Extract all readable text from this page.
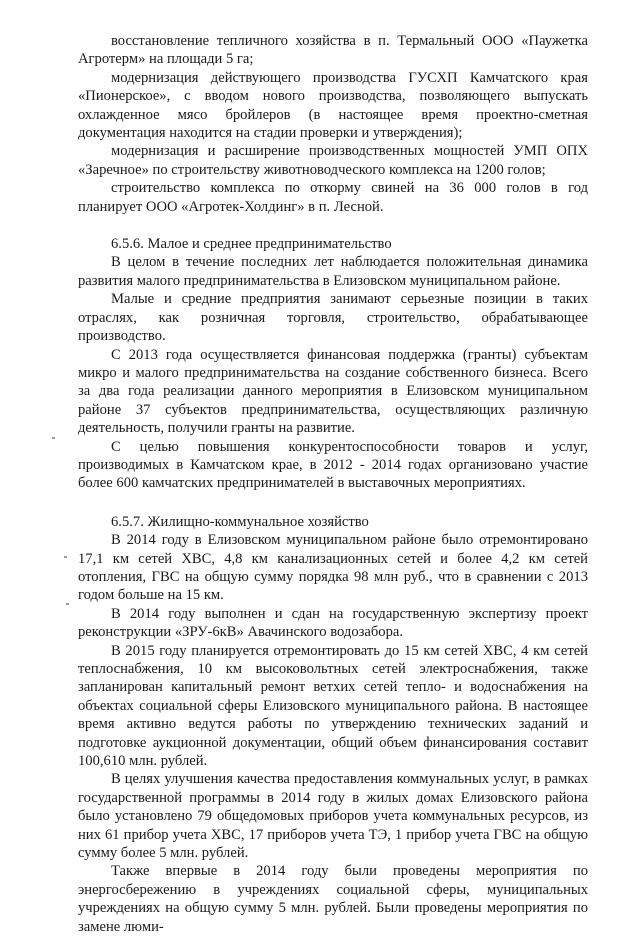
восстановление тепличного хозяйства в п. Термальный ООО «Паужетка Агротерм» на площади 5 га;

модернизация действующего производства ГУСХП Камчатского края «Пионерское», с вводом нового производства, позволяющего выпускать охлажденное мясо бройлеров (в настоящее время проектно-сметная документация находится на стадии проверки и утверждения);

модернизация и расширение производственных мощностей УМП ОПХ «Заречное» по строительству животноводческого комплекса на 1200 голов;

строительство комплекса по откорму свиней на 36 000 голов в год планирует ООО «Агротек-Холдинг» в п. Лесной.

6.5.6. Малое и среднее предпринимательство

В целом в течение последних лет наблюдается положительная динамика развития малого предпринимательства в Елизовском муниципальном районе.

Малые и средние предприятия занимают серьезные позиции в таких отраслях, как розничная торговля, строительство, обрабатывающее производство.

С 2013 года осуществляется финансовая поддержка (гранты) субъектам микро и малого предпринимательства на создание собственного бизнеса. Всего за два года реализации данного мероприятия в Елизовском муниципальном районе 37 субъектов предпринимательства, осуществляющих различную деятельность, получили гранты на развитие.

С целью повышения конкурентоспособности товаров и услуг, производимых в Камчатском крае, в 2012 - 2014 годах организовано участие более 600 камчатских предпринимателей в выставочных мероприятиях.

6.5.7. Жилищно-коммунальное хозяйство

В 2014 году в Елизовском муниципальном районе было отремонтировано 17,1 км сетей ХВС, 4,8 км канализационных сетей и более 4,2 км сетей отопления, ГВС на общую сумму порядка 98 млн руб., что в сравнении с 2013 годом больше на 15 км.

В 2014 году выполнен и сдан на государственную экспертизу проект реконструкции «ЗРУ-6кВ» Авачинского водозабора.

В 2015 году планируется отремонтировать до 15 км сетей ХВС, 4 км сетей теплоснабжения, 10 км высоковольтных сетей электроснабжения, также запланирован капитальный ремонт ветхих сетей тепло- и водоснабжения на объектах социальной сферы Елизовского муниципального района. В настоящее время активно ведутся работы по утверждению технических заданий и подготовке аукционной документации, общий объем финансирования составит 100,610 млн. рублей.

В целях улучшения качества предоставления коммунальных услуг, в рамках государственной программы в 2014 году в жилых домах Елизовского района было установлено 79 общедомовых приборов учета коммунальных ресурсов, из них 61 прибор учета ХВС, 17 приборов учета ТЭ, 1 прибор учета ГВС на общую сумму более 5 млн. рублей.

Также впервые в 2014 году были проведены мероприятия по энергосбережению в учреждениях социальной сферы, муниципальных учреждениях на общую сумму 5 млн. рублей. Были проведены мероприятия по замене люми-
